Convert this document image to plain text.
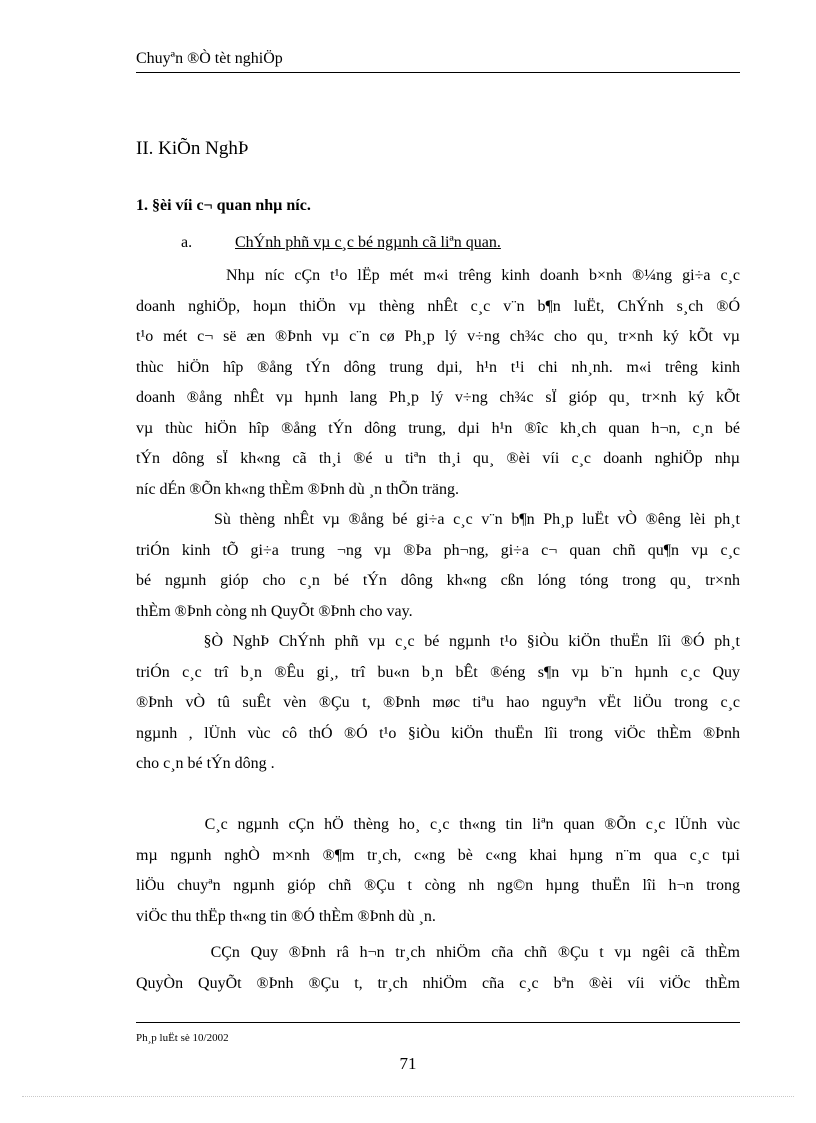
Chuyªn ®Ò tèt nghiÖp
II. KiÕn NghÞ
1. §èi víi c¬ quan nhµ níc.
a.	ChÝnh phñ vµ c¸c bé ngµnh cã liªn quan.
Nhµ níc cÇn t¹o lËp mét m«i trêng kinh doanh b×nh ®¼ng gi÷a c¸c
doanh nghiÖp, hoµn thiÖn vµ thèng nhÊt c¸c v¨n b¶n luËt, ChÝnh s¸ch ®Ó
t¹o mét c¬ së æn ®Þnh vµ c¨n cø Ph¸p lý v÷ng ch¾c cho qu¸ tr×nh ký kÕt vµ
thùc hiÖn hîp ®ång tÝn dông trung dµi, h¹n t¹i chi nh¸nh. m«i trêng kinh
doanh ®ång nhÊt vµ hµnh lang Ph¸p lý v÷ng ch¾c sÏ gióp qu¸ tr×nh ký kÕt
vµ thùc hiÖn hîp ®ång tÝn dông trung, dµi h¹n ®îc kh¸ch quan h¬n, c¸n bé
tÝn dông sÏ kh«ng cã th¸i ®é u tiªn th¸i qu¸ ®èi víi c¸c doanh nghiÖp nhµ
níc dÉn ®Õn kh«ng thÈm ®Þnh dù ¸n thÕn träng.
Sù thèng nhÊt vµ ®ång bé gi÷a c¸c v¨n b¶n Ph¸p luËt vÒ ®êng lèi ph¸t
triÓn kinh tÕ gi÷a trung ¬ng vµ ®Þa ph¬ng, gi÷a c¬ quan chñ qu¶n vµ c¸c
bé ngµnh gióp cho c¸n bé tÝn dông kh«ng cßn lóng tóng trong qu¸ tr×nh
thÈm ®Þnh còng nh QuyÕt ®Þnh cho vay.
§Ò NghÞ ChÝnh phñ vµ c¸c bé ngµnh t¹o §iÒu kiÖn thuËn lîi ®Ó ph¸t
triÓn c¸c trî b¸n ®Êu gi¸, trî bu«n b¸n bÊt ®éng s¶n vµ b¨n hµnh c¸c Quy
®Þnh vÒ tû suÊt vèn ®Çu t, ®Þnh møc tiªu hao nguyªn vËt liÖu trong c¸c
ngµnh , lÜnh vùc cô thÓ ®Ó t¹o §iÒu kiÖn thuËn lîi trong viÖc thÈm ®Þnh
cho c¸n bé tÝn dông .
C¸c ngµnh cÇn hÖ thèng ho¸ c¸c th«ng tin liªn quan ®Õn c¸c lÜnh vùc
mµ ngµnh nghÒ m×nh ®¶m tr¸ch, c«ng bè c«ng khai hµng n¨m qua c¸c tµi
liÖu chuyªn ngµnh gióp chñ ®Çu t còng nh ng©n hµng thuËn lîi h¬n trong
viÖc thu thËp th«ng tin ®Ó thÈm ®Þnh dù ¸n.
CÇn Quy ®Þnh râ h¬n tr¸ch nhiÖm cña chñ ®Çu t vµ ngêi cã thÈm
QuyÒn QuyÕt ®Þnh ®Çu t, tr¸ch nhiÖm cña c¸c bªn ®èi víi viÖc thÈm
Ph¸p luËt sè 10/2002
71
